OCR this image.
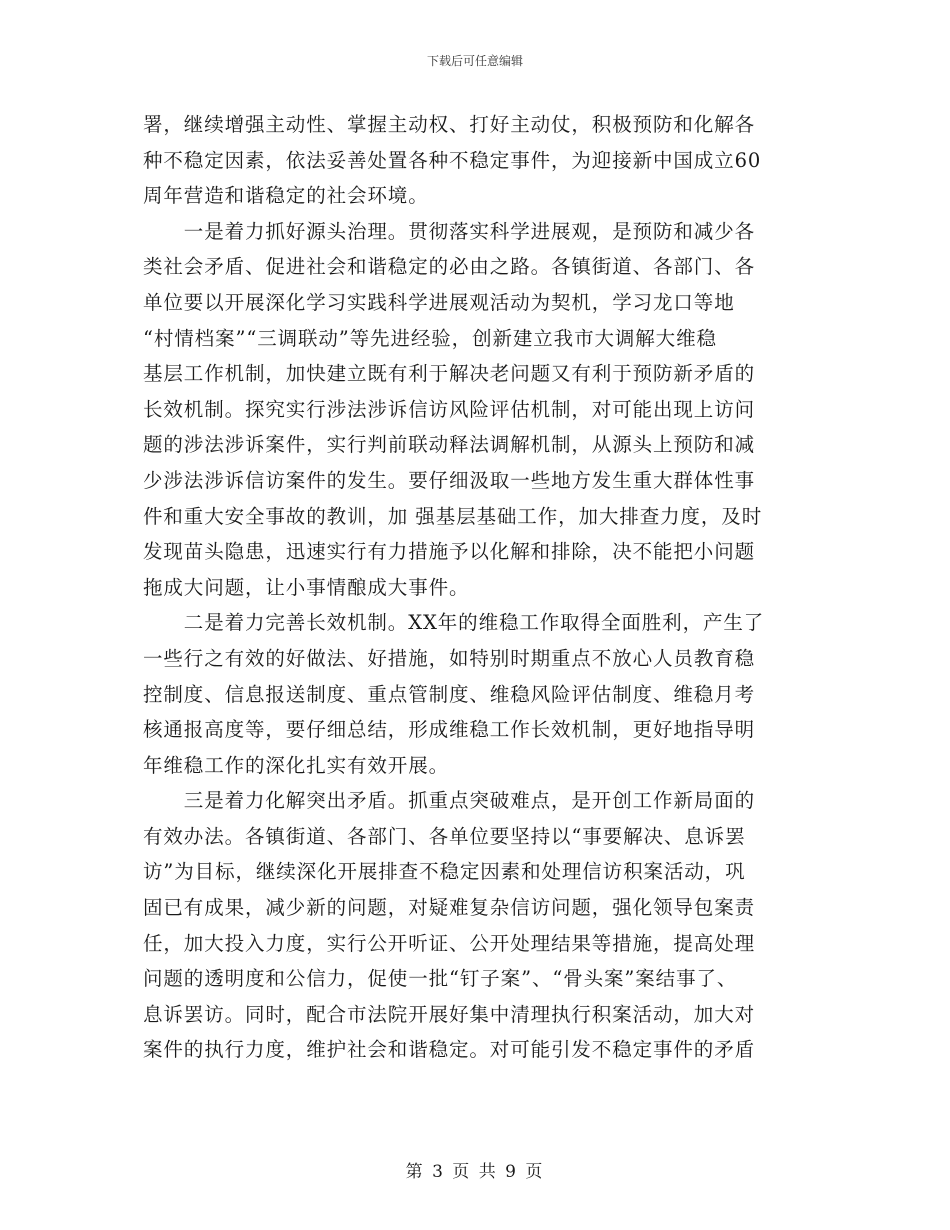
下载后可任意编辑
署，继续增强主动性、掌握主动权、打好主动仗，积极预防和化解各
种不稳定因素，依法妥善处置各种不稳定事件，为迎接新中国成立60
周年营造和谐稳定的社会环境。
　　一是着力抓好源头治理。贯彻落实科学进展观，是预防和减少各
类社会矛盾、促进社会和谐稳定的必由之路。各镇街道、各部门、各
单位要以开展深化学习实践科学进展观活动为契机，学习龙口等地
“村情档案”“三调联动”等先进经验，创新建立我市大调解大维稳
基层工作机制，加快建立既有利于解决老问题又有利于预防新矛盾的
长效机制。探究实行涉法涉诉信访风险评估机制，对可能出现上访问
题的涉法涉诉案件，实行判前联动释法调解机制，从源头上预防和减
少涉法涉诉信访案件的发生。要仔细汲取一些地方发生重大群体性事
件和重大安全事故的教训，加 强基层基础工作，加大排查力度，及时
发现苗头隐患，迅速实行有力措施予以化解和排除，决不能把小问题
拖成大问题，让小事情酿成大事件。
　　二是着力完善长效机制。XX年的维稳工作取得全面胜利，产生了
一些行之有效的好做法、好措施，如特别时期重点不放心人员教育稳
控制度、信息报送制度、重点管制度、维稳风险评估制度、维稳月考
核通报高度等，要仔细总结，形成维稳工作长效机制，更好地指导明
年维稳工作的深化扎实有效开展。
　　三是着力化解突出矛盾。抓重点突破难点，是开创工作新局面的
有效办法。各镇街道、各部门、各单位要坚持以“事要解决、息诉罢
访”为目标，继续深化开展排查不稳定因素和处理信访积案活动，巩
固已有成果，减少新的问题，对疑难复杂信访问题，强化领导包案责
任，加大投入力度，实行公开听证、公开处理结果等措施，提高处理
问题的透明度和公信力，促使一批“钉子案”、“骨头案”案结事了、
息诉罢访。同时，配合市法院开展好集中清理执行积案活动，加大对
案件的执行力度，维护社会和谐稳定。对可能引发不稳定事件的矛盾
第 3 页 共 9 页
